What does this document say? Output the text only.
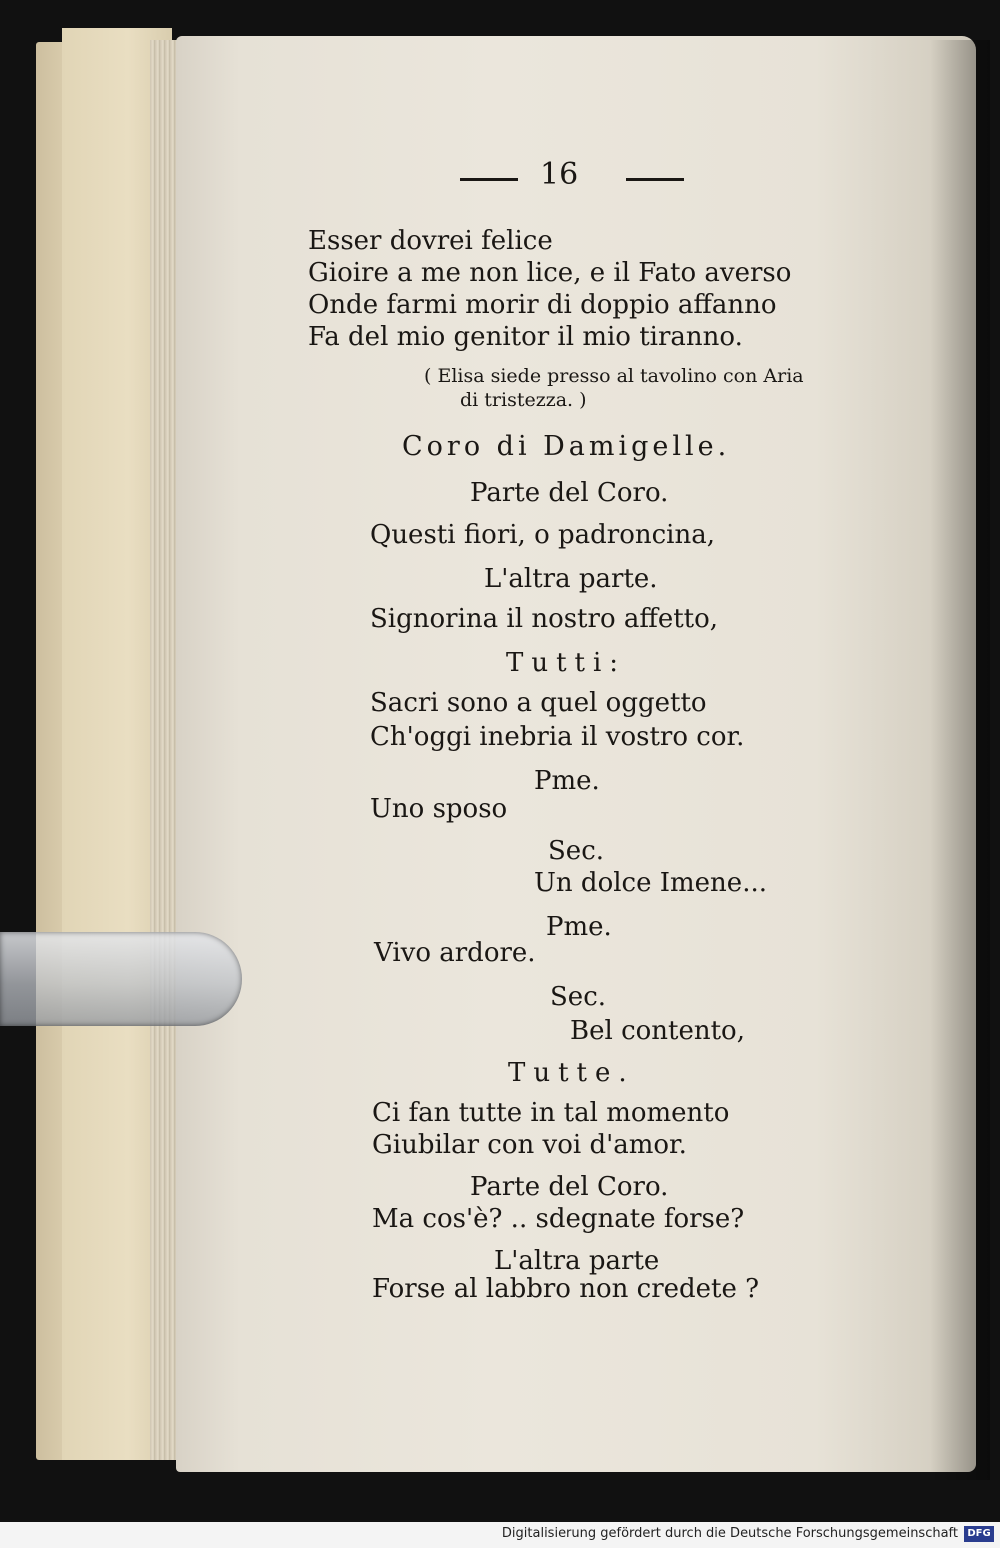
16
Esser dovrei felice
Gioire a me non lice, e il Fato averso
Onde farmi morir di doppio affanno
Fa del mio genitor il mio tiranno.
( Elisa siede presso al tavolino con Aria
di tristezza. )
Coro di Damigelle.
Parte del Coro.
Questi fiori, o padroncina,
L'altra parte.
Signorina il nostro affetto,
Tutti:
Sacri sono a quel oggetto
Ch'oggi inebria il vostro cor.
Pme.
Uno sposo
Sec.
Un dolce Imene...
Pme.
Vivo ardore.
Sec.
Bel contento,
Tutte.
Ci fan tutte in tal momento
Giubilar con voi d'amor.
Parte del Coro.
Ma cos'è? .. sdegnate forse?
L'altra parte
Forse al labbro non credete ?
Digitalisierung gefördert durch die Deutsche Forschungsgemeinschaft DFG
